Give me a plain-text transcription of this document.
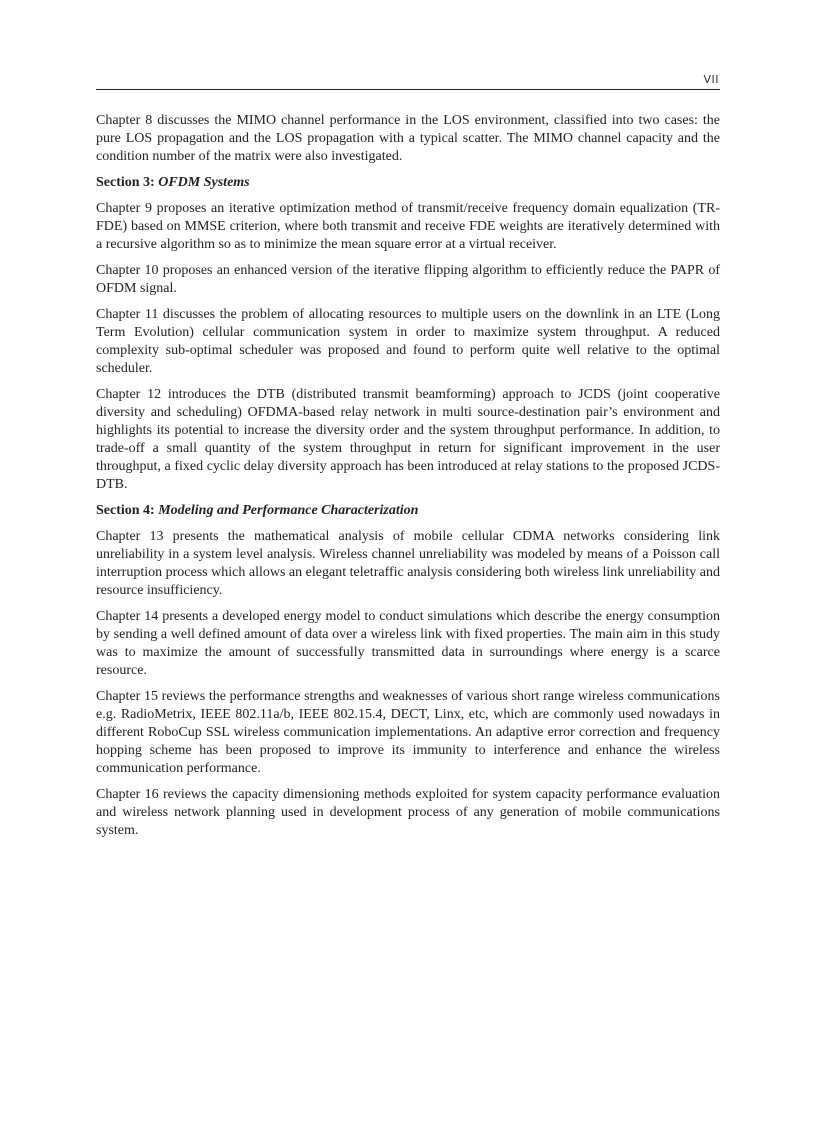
VII

Chapter 8 discusses the MIMO channel performance in the LOS environment, classified into two cases: the pure LOS propagation and the LOS propagation with a typical scatter. The MIMO channel capacity and the condition number of the matrix were also investigated.

Section 3: OFDM Systems

Chapter 9 proposes an iterative optimization method of transmit/receive frequency domain equalization (TR-FDE) based on MMSE criterion, where both transmit and receive FDE weights are iteratively determined with a recursive algorithm so as to minimize the mean square error at a virtual receiver.

Chapter 10 proposes an enhanced version of the iterative flipping algorithm to efficiently reduce the PAPR of OFDM signal.

Chapter 11 discusses the problem of allocating resources to multiple users on the downlink in an LTE (Long Term Evolution) cellular communication system in order to maximize system throughput. A reduced complexity sub-optimal scheduler was proposed and found to perform quite well relative to the optimal scheduler.

Chapter 12 introduces the DTB (distributed transmit beamforming) approach to JCDS (joint cooperative diversity and scheduling) OFDMA-based relay network in multi source-destination pair’s environment and highlights its potential to increase the diversity order and the system throughput performance. In addition, to trade-off a small quantity of the system throughput in return for significant improvement in the user throughput, a fixed cyclic delay diversity approach has been introduced at relay stations to the proposed JCDS-DTB.

Section 4: Modeling and Performance Characterization

Chapter 13 presents the mathematical analysis of mobile cellular CDMA networks considering link unreliability in a system level analysis. Wireless channel unreliability was modeled by means of a Poisson call interruption process which allows an elegant teletraffic analysis considering both wireless link unreliability and resource insufficiency.

Chapter 14 presents a developed energy model to conduct simulations which describe the energy consumption by sending a well defined amount of data over a wireless link with fixed properties. The main aim in this study was to maximize the amount of successfully transmitted data in surroundings where energy is a scarce resource.

Chapter 15 reviews the performance strengths and weaknesses of various short range wireless communications e.g. RadioMetrix, IEEE 802.11a/b, IEEE 802.15.4, DECT, Linx, etc, which are commonly used nowadays in different RoboCup SSL wireless communication implementations. An adaptive error correction and frequency hopping scheme has been proposed to improve its immunity to interference and enhance the wireless communication performance.

Chapter 16 reviews the capacity dimensioning methods exploited for system capacity performance evaluation and wireless network planning used in development process of any generation of mobile communications system.
